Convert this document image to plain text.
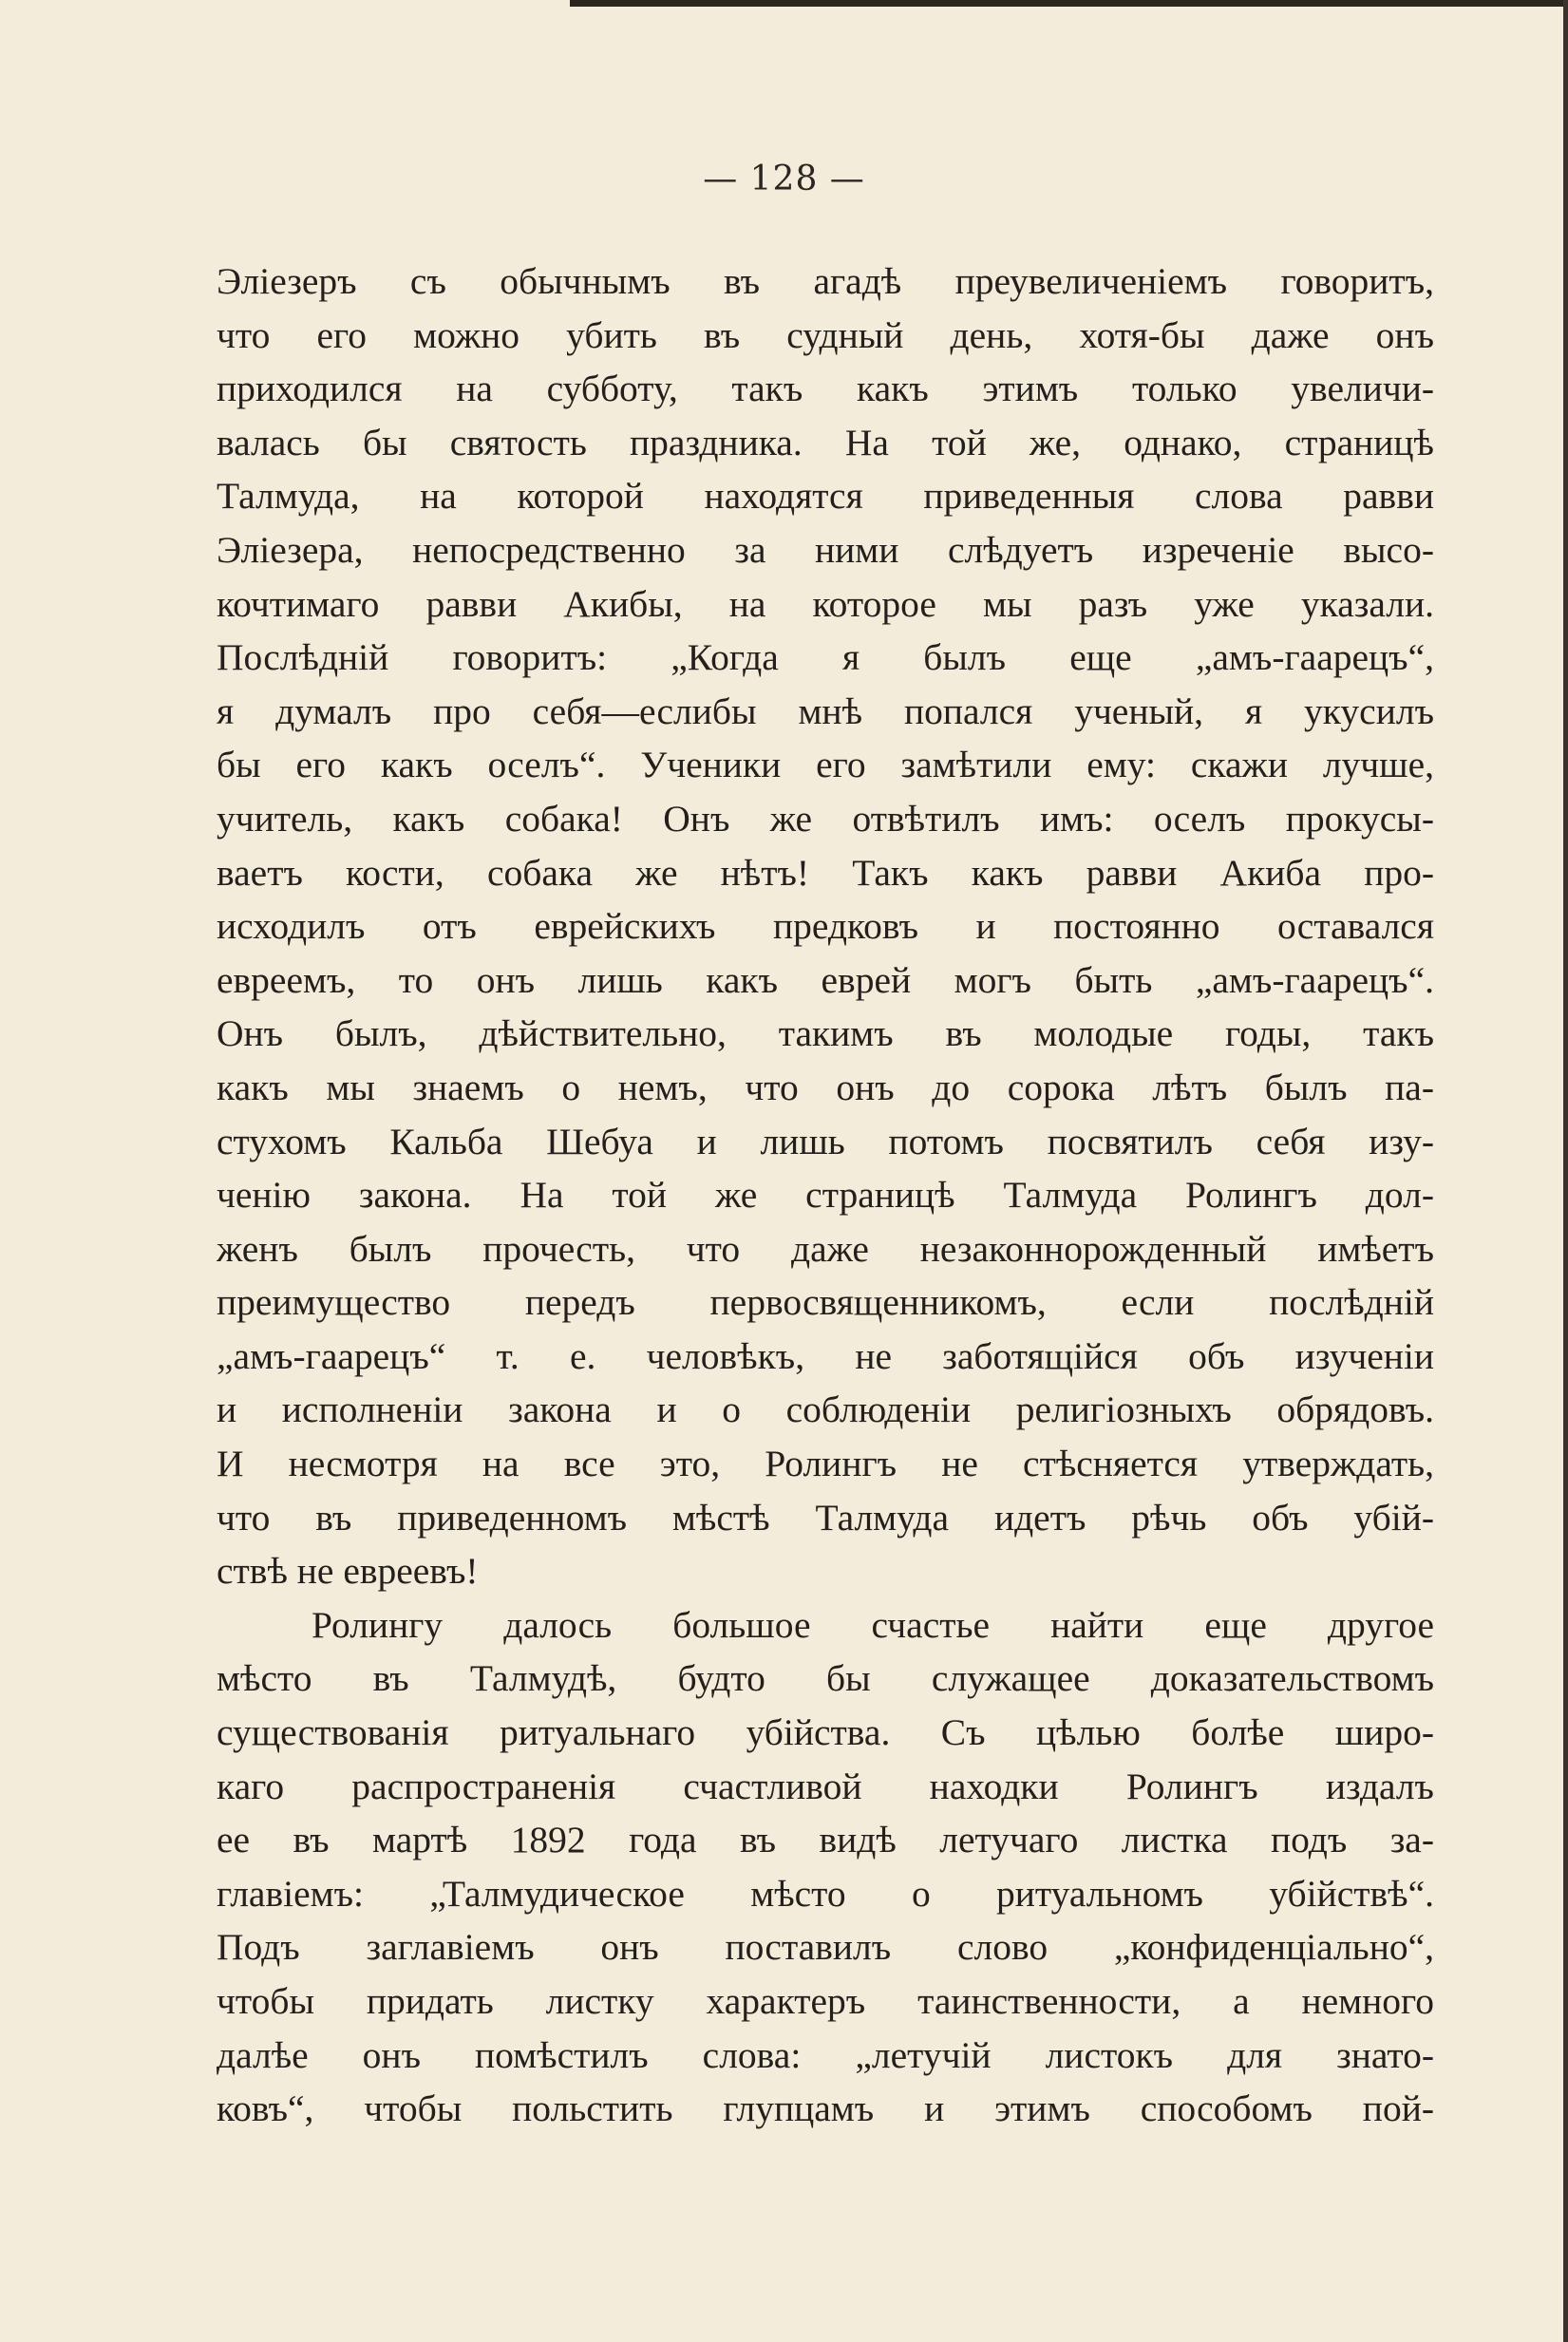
— 128 —
Эліезеръ съ обычнымъ въ агадѣ преувеличеніемъ говоритъ,
что его можно убить въ судный день, хотя-бы даже онъ
приходился на субботу, такъ какъ этимъ только увеличи-
валась бы святость праздника. На той же, однако, страницѣ
Талмуда, на которой находятся приведенныя слова равви
Эліезера, непосредственно за ними слѣдуетъ изреченіе высо-
кочтимаго равви Акибы, на которое мы разъ уже указали.
Послѣдній говоритъ: „Когда я былъ еще „амъ-гаарецъ“,
я думалъ про себя—еслибы мнѣ попался ученый, я укусилъ
бы его какъ оселъ“. Ученики его замѣтили ему: скажи лучше,
учитель, какъ собака! Онъ же отвѣтилъ имъ: оселъ прокусы-
ваетъ кости, собака же нѣтъ! Такъ какъ равви Акиба про-
исходилъ отъ еврейскихъ предковъ и постоянно оставался
евреемъ, то онъ лишь какъ еврей могъ быть „амъ-гаарецъ“.
Онъ былъ, дѣйствительно, такимъ въ молодые годы, такъ
какъ мы знаемъ о немъ, что онъ до сорока лѣтъ былъ па-
стухомъ Кальба Шебуа и лишь потомъ посвятилъ себя изу-
ченію закона. На той же страницѣ Талмуда Ролингъ дол-
женъ былъ прочесть, что даже незаконнорожденный имѣетъ
преимущество передъ первосвященникомъ, если послѣдній
„амъ-гаарецъ“ т. е. человѣкъ, не заботящійся объ изученіи
и исполненіи закона и о соблюденіи религіозныхъ обрядовъ.
И несмотря на все это, Ролингъ не стѣсняется утверждать,
что въ приведенномъ мѣстѣ Талмуда идетъ рѣчь объ убій-
ствѣ не евреевъ!
Ролингу далось большое счастье найти еще другое
мѣсто въ Талмудѣ, будто бы служащее доказательствомъ
существованія ритуальнаго убійства. Съ цѣлью болѣе широ-
каго распространенія счастливой находки Ролингъ издалъ
ее въ мартѣ 1892 года въ видѣ летучаго листка подъ за-
главіемъ: „Талмудическое мѣсто о ритуальномъ убійствѣ“.
Подъ заглавіемъ онъ поставилъ слово „конфиденціально“,
чтобы придать листку характеръ таинственности, а немного
далѣе онъ помѣстилъ слова: „летучій листокъ для знато-
ковъ“, чтобы польстить глупцамъ и этимъ способомъ пой-
